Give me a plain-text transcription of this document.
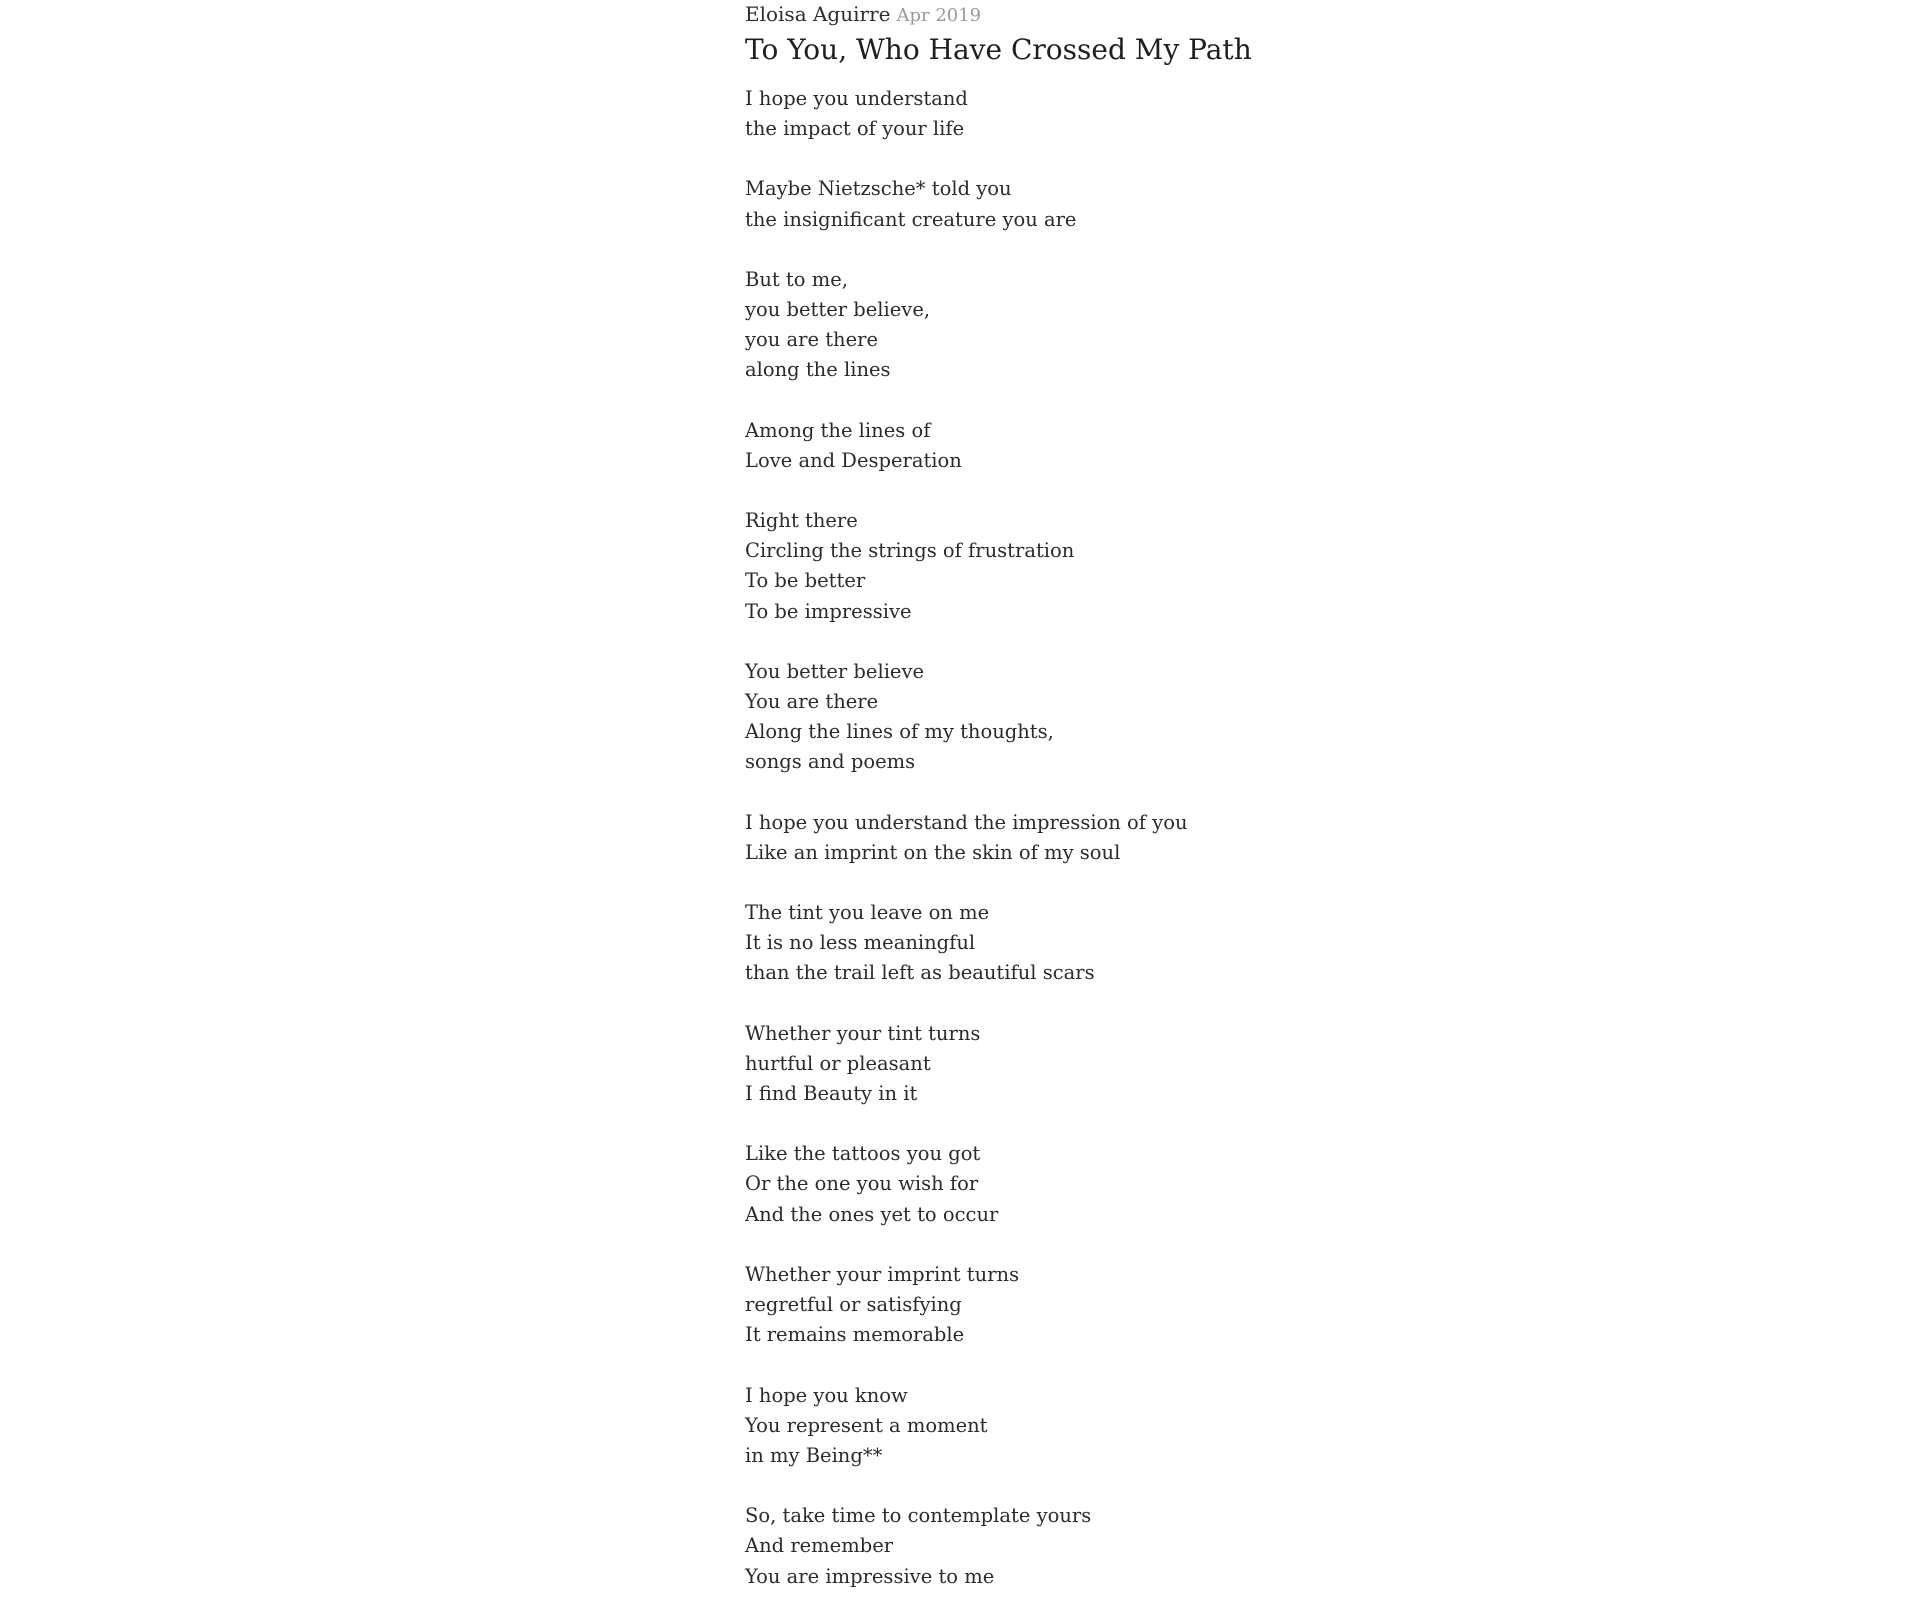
Eloisa Aguirre Apr 2019
To You, Who Have Crossed My Path
I hope you understand
the impact of your life
Maybe Nietzsche* told you
the insignificant creature you are
But to me,
you better believe,
you are there
along the lines
Among the lines of
Love and Desperation
Right there
Circling the strings of frustration
To be better
To be impressive
You better believe
You are there
Along the lines of my thoughts,
songs and poems
I hope you understand the impression of you
Like an imprint on the skin of my soul
The tint you leave on me
It is no less meaningful
than the trail left as beautiful scars
Whether your tint turns
hurtful or pleasant
I find Beauty in it
Like the tattoos you got
Or the one you wish for
And the ones yet to occur
Whether your imprint turns
regretful or satisfying
It remains memorable
I hope you know
You represent a moment
in my Being**
So, take time to contemplate yours
And remember
You are impressive to me
